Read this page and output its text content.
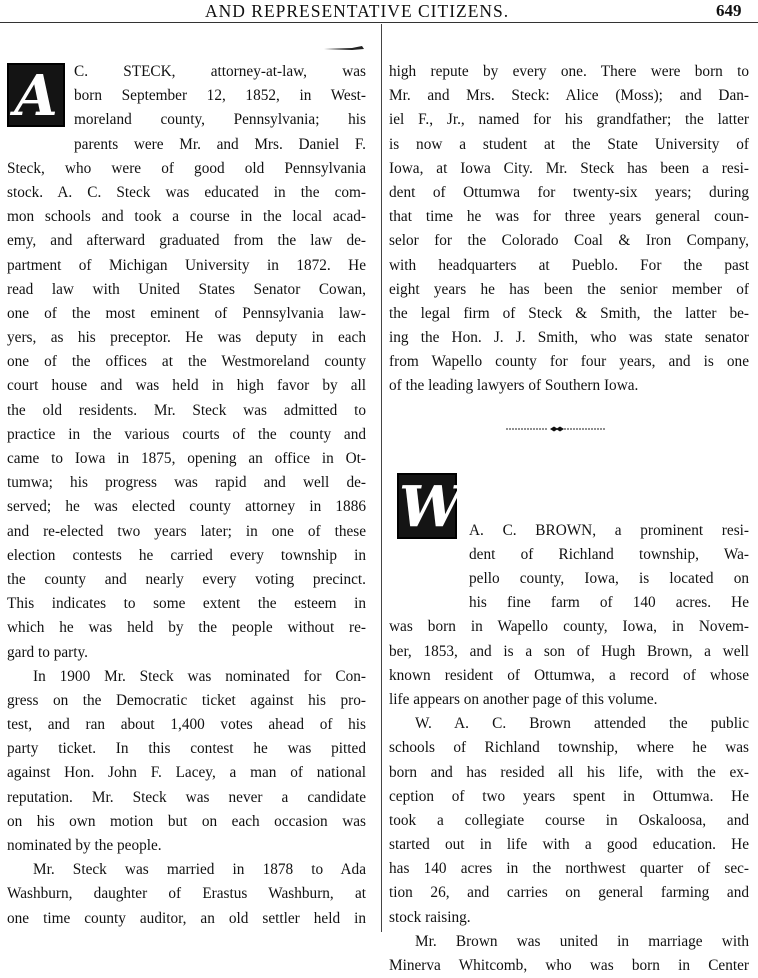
AND REPRESENTATIVE CITIZENS.	649
A	C. STECK, attorney-at-law, was
born September 12, 1852, in West-
moreland county, Pennsylvania; his
parents were Mr. and Mrs. Daniel F.
Steck, who were of good old Pennsylvania
stock. A. C. Steck was educated in the com-
mon schools and took a course in the local acad-
emy, and afterward graduated from the law de-
partment of Michigan University in 1872. He
read law with United States Senator Cowan,
one of the most eminent of Pennsylvania law-
yers, as his preceptor. He was deputy in each
one of the offices at the Westmoreland county
court house and was held in high favor by all
the old residents. Mr. Steck was admitted to
practice in the various courts of the county and
came to Iowa in 1875, opening an office in Ot-
tumwa; his progress was rapid and well de-
served; he was elected county attorney in 1886
and re-elected two years later; in one of these
election contests he carried every township in
the county and nearly every voting precinct.
This indicates to some extent the esteem in
which he was held by the people without re-
gard to party.
In 1900 Mr. Steck was nominated for Con-
gress on the Democratic ticket against his pro-
test, and ran about 1,400 votes ahead of his
party ticket. In this contest he was pitted
against Hon. John F. Lacey, a man of national
reputation. Mr. Steck was never a candidate
on his own motion but on each occasion was
nominated by the people.
Mr. Steck was married in 1878 to Ada
Washburn, daughter of Erastus Washburn, at
one time county auditor, an old settler held in
high repute by every one. There were born to
Mr. and Mrs. Steck: Alice (Moss); and Dan-
iel F., Jr., named for his grandfather; the latter
is now a student at the State University of
Iowa, at Iowa City. Mr. Steck has been a resi-
dent of Ottumwa for twenty-six years; during
that time he was for three years general coun-
selor for the Colorado Coal & Iron Company,
with headquarters at Pueblo. For the past
eight years he has been the senior member of
the legal firm of Steck & Smith, the latter be-
ing the Hon. J. J. Smith, who was state senator
from Wapello county for four years, and is one
of the leading lawyers of Southern Iowa.
W A. C. BROWN, a prominent resi-
dent of Richland township, Wa-
pello county, Iowa, is located on
his fine farm of 140 acres. He
was born in Wapello county, Iowa, in Novem-
ber, 1853, and is a son of Hugh Brown, a well
known resident of Ottumwa, a record of whose
life appears on another page of this volume.
W. A. C. Brown attended the public
schools of Richland township, where he was
born and has resided all his life, with the ex-
ception of two years spent in Ottumwa. He
took a collegiate course in Oskaloosa, and
started out in life with a good education. He
has 140 acres in the northwest quarter of sec-
tion 26, and carries on general farming and
stock raising.
Mr. Brown was united in marriage with
Minerva Whitcomb, who was born in Center
